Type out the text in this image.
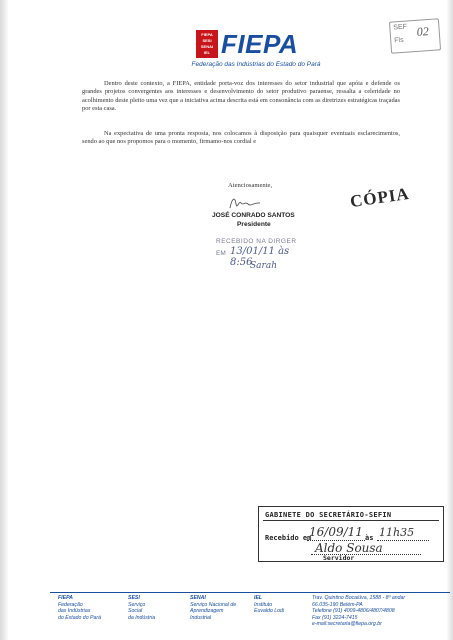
SEF
Fls
02
FIEPA
SESI
SENAI
IEL FIEPA
Federação das Indústrias do Estado do Pará
Dentro deste contexto, a FIEPA, entidade porta-voz dos interesses do setor industrial que apóia e defende os grandes projetos convergentes aos interesses e desenvolvimento do setor produtivo paraense, ressalta a celeridade no acolhimento deste pleito uma vez que a iniciativa acima descrita está em consonância com as diretrizes estratégicas traçadas por esta casa.
Na expectativa de uma pronta resposta, nos colocamos à disposição para quaisquer eventuais esclarecimentos, sendo ao que nos propomos para o momento, firmamo-nos cordial e
Atenciosamente,
JOSÉ CONRADO SANTOS
Presidente
CÓPIA
RECEBIDO NA DIRGER
EM 13/01/11 às 8:56
Sarah
GABINETE DO SECRETÁRIO-SEFIN
Recebido em
16/09/11 às 11h35
Aldo Sousa
Servidor
FIEPA
Federação
das Indústrias
do Estado do Pará
SESI
Serviço
Social
da Indústria
SENAI
Serviço Nacional de
Aprendizagem
Industrial
IEL
Instituto
Euvaldo Lodi
Trav. Quintino Bocaiúva, 1588 - 8º andar
66.035-190 Belém-PA
Telefone (91) 4009-4806/4807/4808
Fax (91) 3224-7415
e-mail:secretaria@fiepa.org.br
